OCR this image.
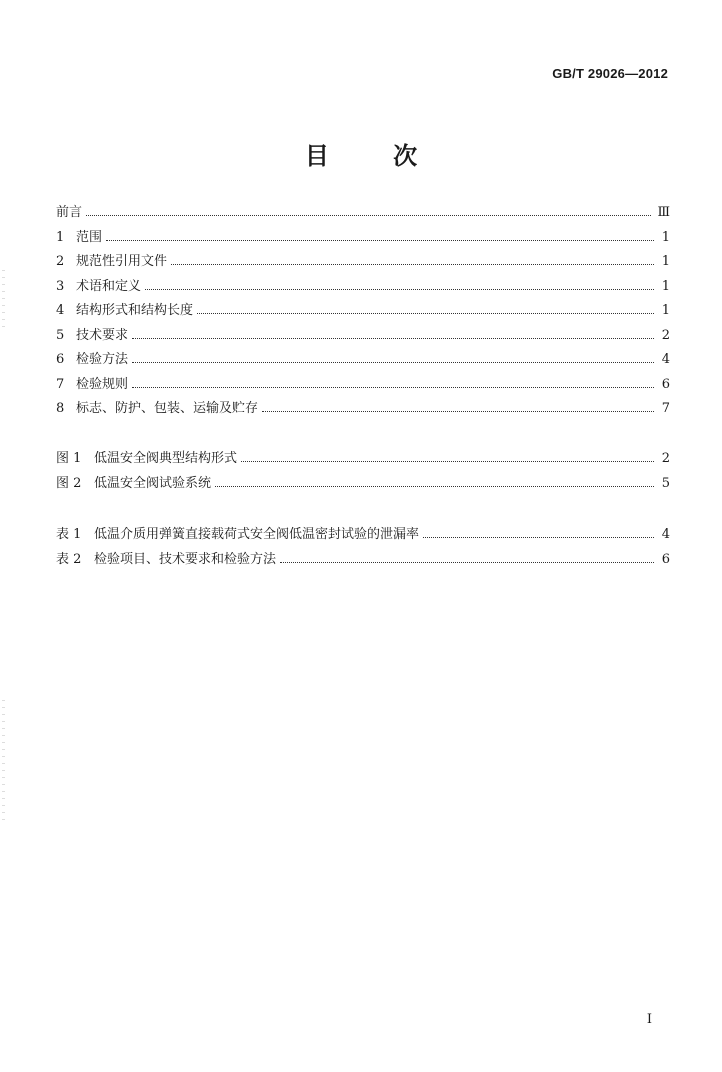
GB/T 29026—2012
目 次
前言	Ⅲ
1 范围	1
2 规范性引用文件	1
3 术语和定义	1
4 结构形式和结构长度	1
5 技术要求	2
6 检验方法	4
7 检验规则	6
8 标志、防护、包装、运输及贮存	7
图 1 低温安全阀典型结构形式	2
图 2 低温安全阀试验系统	5
表 1 低温介质用弹簧直接载荷式安全阀低温密封试验的泄漏率	4
表 2 检验项目、技术要求和检验方法	6
I
